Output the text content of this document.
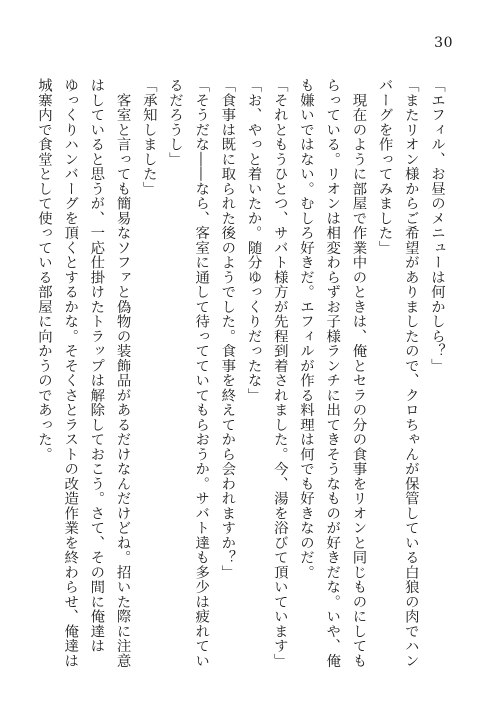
30

「エフィル、お昼のメニューは何かしら？」

「またリオン様からご希望がありましたので、クロちゃんが保管している白狼の肉でハン

バーグを作ってみました」

　現在のように部屋で作業中のときは、俺とセラの分の食事をリオンと同じものにしても

らっている。リオンは相変わらずお子様ランチに出てきそうなものが好きだな。いや、俺

も嫌いではない。むしろ好きだ。エフィルが作る料理は何でも好きなのだ。

「それともうひとつ、サバト様方が先程到着されました。今、湯を浴びて頂いています」

「お、やっと着いたか。随分ゆっくりだったな」

「食事は既に取られた後のようでした。食事を終えてから会われますか？」

「そうだな――なら、客室に通して待ってていてもらおうか。サバト達も多少は疲れてい

るだろうし」

「承知しました」

　客室と言っても簡易なソファと偽物の装飾品があるだけなんだけどね。招いた際に注意

はしていると思うが、一応仕掛けたトラップは解除しておこう。さて、その間に俺達は

ゆっくりハンバーグを頂くとするかな。そそくさとラストの改造作業を終わらせ、俺達は

城寨内で食堂として使っている部屋に向かうのであった。
